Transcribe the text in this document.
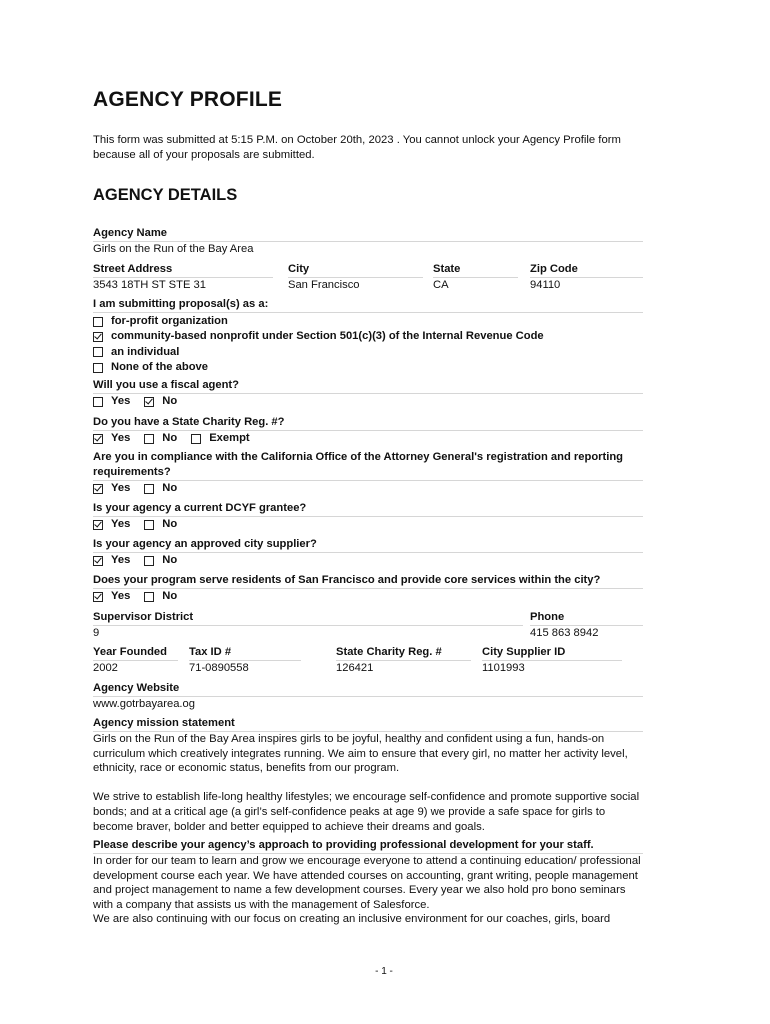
AGENCY PROFILE

This form was submitted at 5:15 P.M. on October 20th, 2023 . You cannot unlock your Agency Profile form because all of your proposals are submitted.

AGENCY DETAILS
Agency Name
Girls on the Run of the Bay Area
Street Address
3543 18TH ST STE 31
City
San Francisco
State
CA
Zip Code
94110
I am submitting proposal(s) as a:
for-profit organization
community-based nonprofit under Section 501(c)(3) of the Internal Revenue Code
an individual
None of the above
Will you use a fiscal agent?
Yes	No
Do you have a State Charity Reg. #?
Yes	No	Exempt
Are you in compliance with the California Office of the Attorney General's registration and reporting requirements?
Yes	No
Is your agency a current DCYF grantee?
Yes	No
Is your agency an approved city supplier?
Yes	No
Does your program serve residents of San Francisco and provide core services within the city?
Yes	No
Supervisor District
9
Phone
415 863 8942
Year Founded
2002
Tax ID #
71-0890558
State Charity Reg. #
126421
City Supplier ID
1101993
Agency Website
www.gotrbayarea.og
Agency mission statement

Girls on the Run of the Bay Area inspires girls to be joyful, healthy and confident using a fun, hands-on curriculum which creatively integrates running. We aim to ensure that every girl, no matter her activity level, ethnicity, race or economic status, benefits from our program.

We strive to establish life-long healthy lifestyles; we encourage self-confidence and promote supportive social bonds; and at a critical age (a girl’s self-confidence peaks at age 9) we provide a safe space for girls to become braver, bolder and better equipped to achieve their dreams and goals.

Please describe your agency’s approach to providing professional development for your staff.

In order for our team to learn and grow we encourage everyone to attend a continuing education/ professional development course each year. We have attended courses on accounting, grant writing, people management and project management to name a few development courses. Every year we also hold pro bono seminars with a company that assists us with the management of Salesforce.

We are also continuing with our focus on creating an inclusive environment for our coaches, girls, board

- 1 -
